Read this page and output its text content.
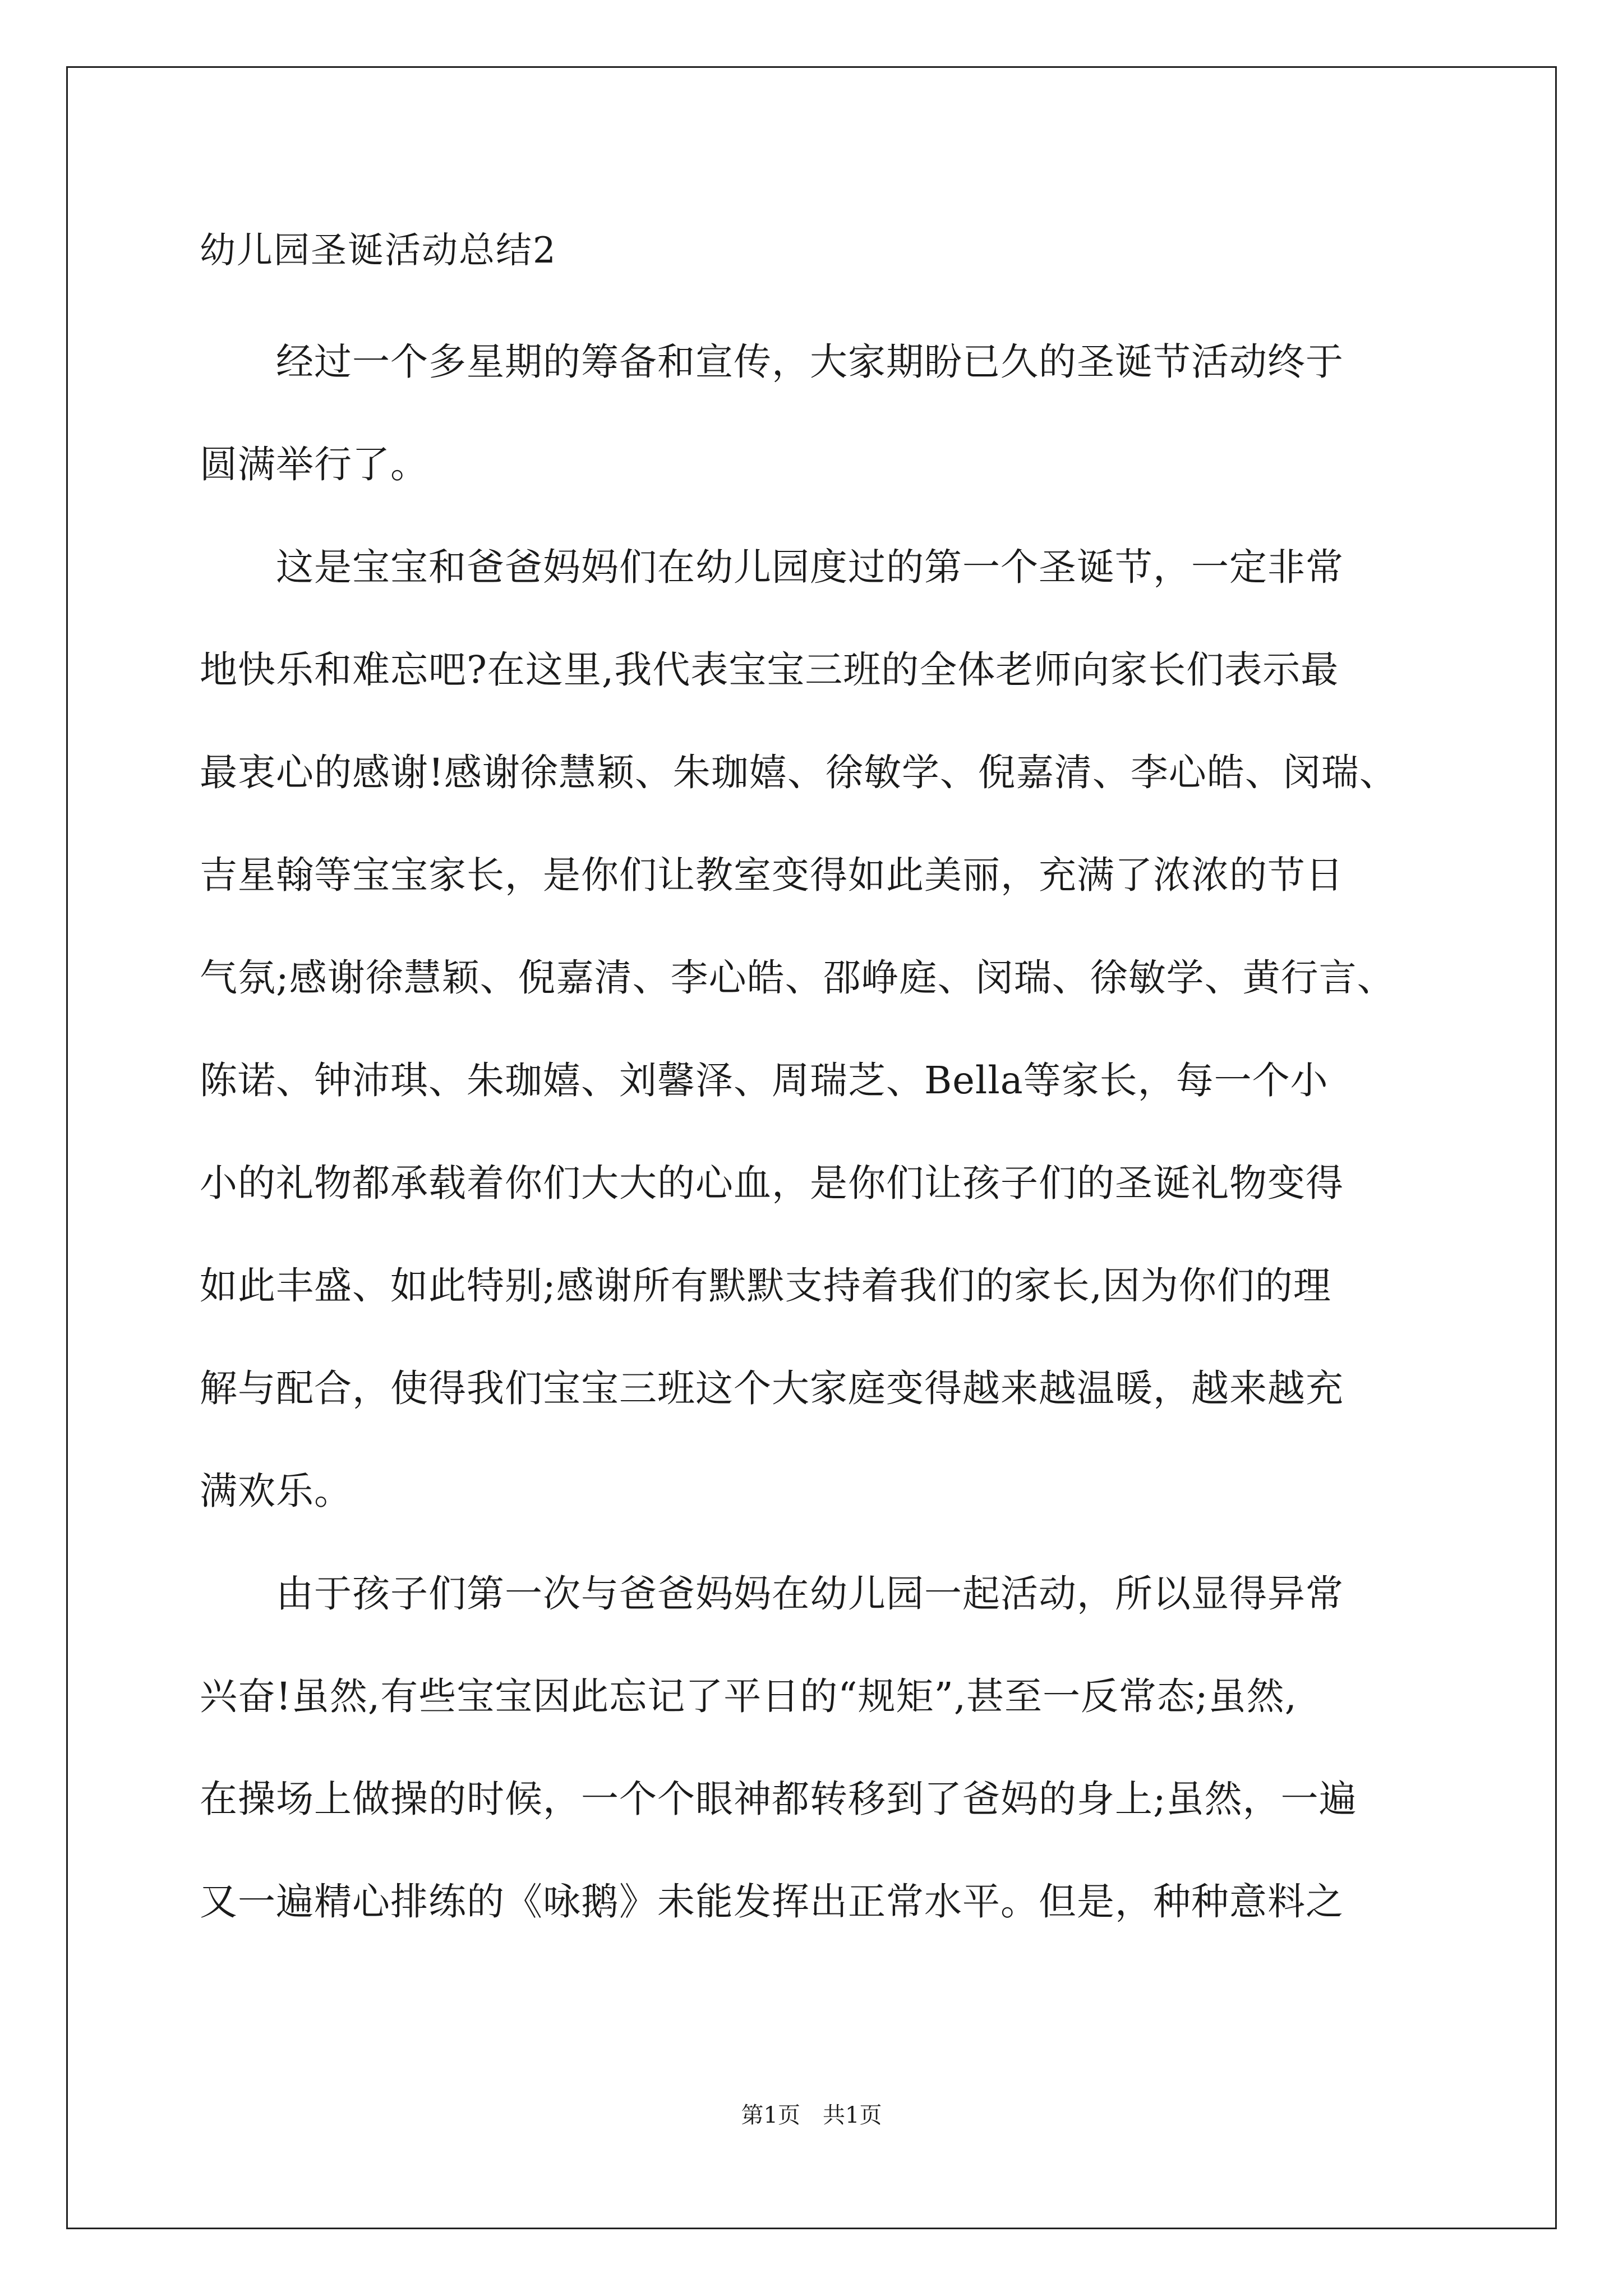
幼儿园圣诞活动总结2
　　经过一个多星期的筹备和宣传，大家期盼已久的圣诞节活动终于
圆满举行了。
　　这是宝宝和爸爸妈妈们在幼儿园度过的第一个圣诞节，一定非常
地快乐和难忘吧?在这里,我代表宝宝三班的全体老师向家长们表示最
最衷心的感谢!感谢徐慧颖、朱珈嬉、徐敏学、倪嘉清、李心皓、闵瑞、
吉星翰等宝宝家长，是你们让教室变得如此美丽，充满了浓浓的节日
气氛;感谢徐慧颖、倪嘉清、李心皓、邵峥庭、闵瑞、徐敏学、黄行言、
陈诺、钟沛琪、朱珈嬉、刘馨泽、周瑞芝、Bella等家长，每一个小
小的礼物都承载着你们大大的心血，是你们让孩子们的圣诞礼物变得
如此丰盛、如此特别;感谢所有默默支持着我们的家长,因为你们的理
解与配合，使得我们宝宝三班这个大家庭变得越来越温暖，越来越充
满欢乐。
　　由于孩子们第一次与爸爸妈妈在幼儿园一起活动，所以显得异常
兴奋!虽然,有些宝宝因此忘记了平日的“规矩”,甚至一反常态;虽然,
在操场上做操的时候，一个个眼神都转移到了爸妈的身上;虽然，一遍
又一遍精心排练的《咏鹅》未能发挥出正常水平。但是，种种意料之
第1页　共1页
